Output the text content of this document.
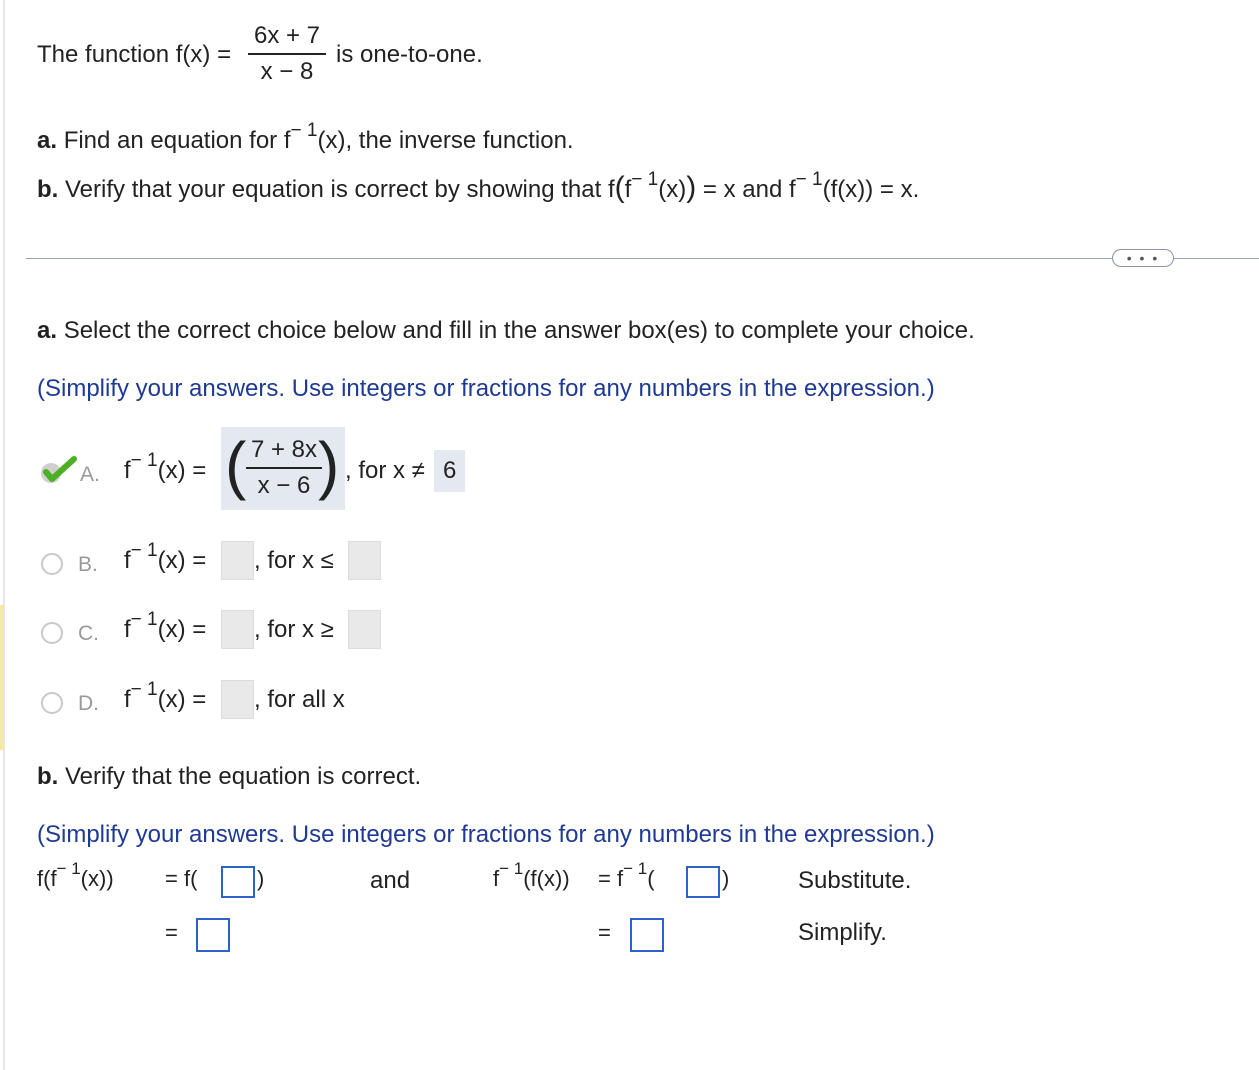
The function f(x) =
6x + 7
x − 8
is one-to-one.
a. Find an equation for $f^{- 1}(x)$, the inverse function.
b. Verify that your equation is correct by showing that $f(f^{- 1}(x)) = x$ and $f^{- 1}(f(x)) = x$.
• • •
a. Select the correct choice below and fill in the answer box(es) to complete your choice.
(Simplify your answers. Use integers or fractions for any numbers in the expression.)
A. $f^{- 1}(x)$ = ( 7 + 8x
x − 6 ) , for x ≠ 6
B. $f^{- 1}(x)$ = , for x ≤
C. $f^{- 1}(x)$ = , for x ≥
D. $f^{- 1}(x)$ = , for all x
b. Verify that the equation is correct.
(Simplify your answers. Use integers or fractions for any numbers in the expression.)
$f(f^{- 1}(x)) = f$(	)	and	$f^{- 1}(f(x)) = f^{- 1}$(	)	Substitute.
=	=	Simplify.
